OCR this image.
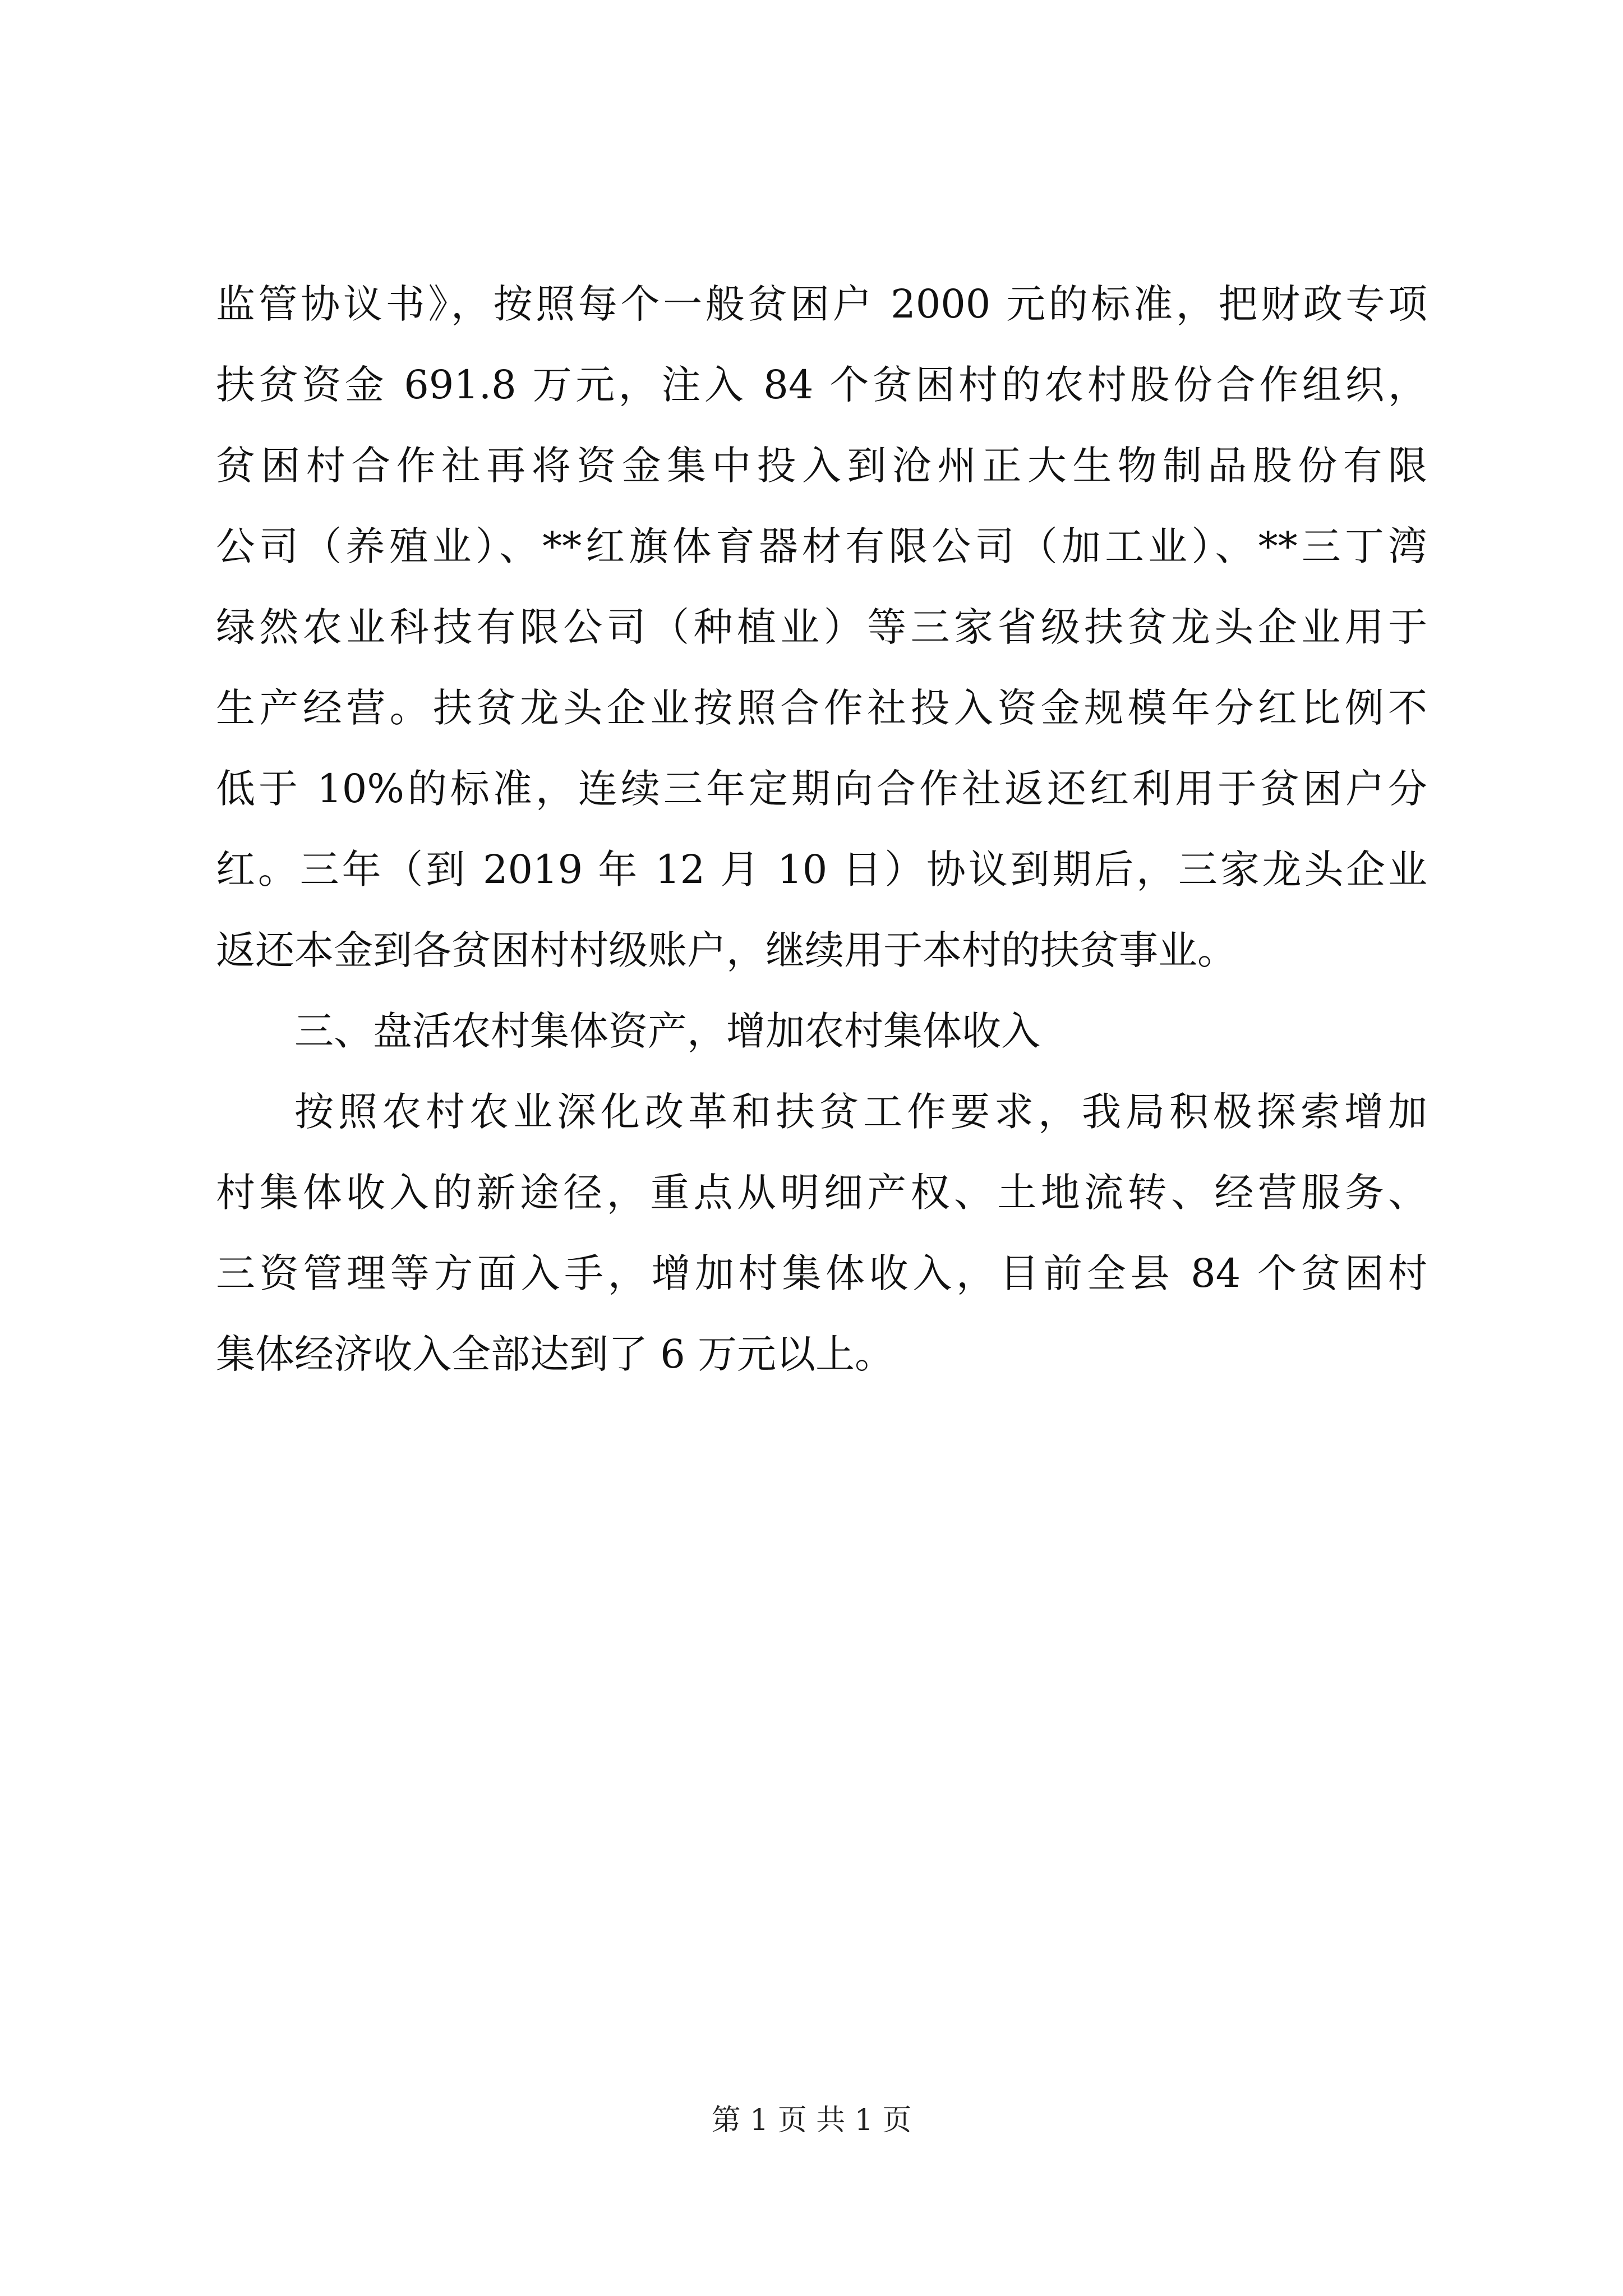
监管协议书》，按照每个一般贫困户 2000 元的标准，把财政专项
扶贫资金 691.8 万元，注入 84 个贫困村的农村股份合作组织，
贫困村合作社再将资金集中投入到沧州正大生物制品股份有限
公司（养殖业）、**红旗体育器材有限公司（加工业）、**三丁湾
绿然农业科技有限公司（种植业）等三家省级扶贫龙头企业用于
生产经营。扶贫龙头企业按照合作社投入资金规模年分红比例不
低于 10%的标准，连续三年定期向合作社返还红利用于贫困户分
红。三年（到 2019 年 12 月 10 日）协议到期后，三家龙头企业
返还本金到各贫困村村级账户，继续用于本村的扶贫事业。
三、盘活农村集体资产，增加农村集体收入
按照农村农业深化改革和扶贫工作要求，我局积极探索增加
村集体收入的新途径，重点从明细产权、土地流转、经营服务、
三资管理等方面入手，增加村集体收入，目前全县 84 个贫困村
集体经济收入全部达到了 6 万元以上。
第 1 页 共 1 页
